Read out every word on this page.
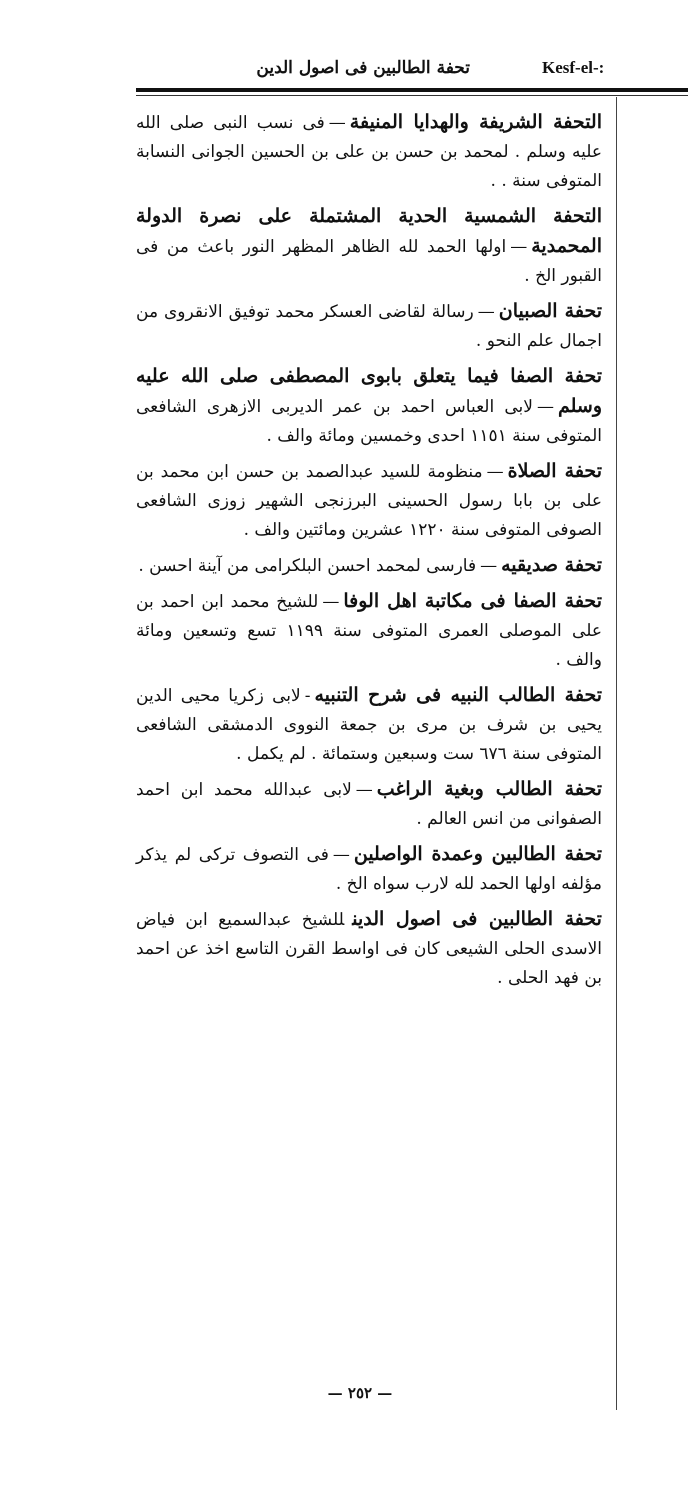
تحفة الطالبين فى اصول الدين	Kesf-el-:

التحفة الشريفة والهدايا المنيفة—فى نسب النبى صلى الله عليه وسلم . لمحمد بن حسن بن على بن الحسين الجوانى النسابة المتوفى سنة . .

التحفة الشمسية الحدية المشتملة على نصرة الدولة المحمدية—اولها الحمد لله الظاهر المظهر النور باعث من فى القبور الخ .

تحفة الصبيان—رسالة لقاضى العسكر محمد توفيق الانقروى من اجمال علم النحو .

تحفة الصفا فيما يتعلق بابوى المصطفى صلى الله عليه وسلم—لابى العباس احمد بن عمر الديربى الازهرى الشافعى المتوفى سنة ١١٥١ احدى وخمسين ومائة والف .

تحفة الصلاة—منظومة للسيد عبدالصمد بن حسن ابن محمد بن على بن بابا رسول الحسينى البرزنجى الشهير زوزى الشافعى الصوفى المتوفى سنة ١٢٢٠ عشرين ومائتين والف .

تحفة صديقيه—فارسى لمحمد احسن البلكرامى من آينة احسن .

تحفة الصفا فى مكاتبة اهل الوفا—للشيخ محمد ابن احمد بن على الموصلى العمرى المتوفى سنة ١١٩٩ تسع وتسعين ومائة والف .

تحفة الطالب النبيه فى شرح التنبيه-لابى زكريا محيى الدين يحيى بن شرف بن مرى بن جمعة النووى الدمشقى الشافعى المتوفى سنة ٦٧٦ ست وسبعين وستمائة . لم يكمل .

تحفة الطالب وبغية الراغب—لابى عبدالله محمد ابن احمد الصفوانى من انس العالم .

تحفة الطالبين وعمدة الواصلين—فى التصوف تركى لم يذكر مؤلفه اولها الحمد لله لارب سواه الخ .

تحفة الطالبين فى اصول الدينللشيخ عبدالسميع ابن فياض الاسدى الحلى الشيعى كان فى اواسط القرن التاسع اخذ عن احمد بن فهد الحلى .

— ٢٥٢ —
